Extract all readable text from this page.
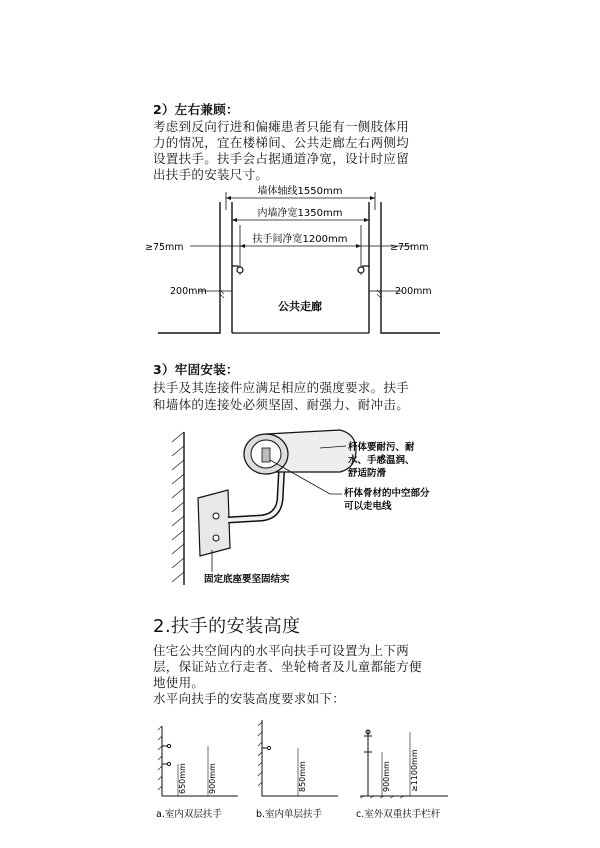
2）左右兼顾：
考虑到反向行进和偏瘫患者只能有一侧肢体用
力的情况，宜在楼梯间、公共走廊左右两侧均
设置扶手。扶手会占据通道净宽，设计时应留
出扶手的安装尺寸。
墙体轴线1550mm
内墙净宽1350mm
扶手间净宽1200mm
≥75mm	≥75mm
200mm	200mm
公共走廊
3）牢固安装：
扶手及其连接件应满足相应的强度要求。扶手
和墙体的连接处必须坚固、耐强力、耐冲击。
杆体要耐污、耐
水、手感温润、
舒适防滑
杆体骨材的中空部分
可以走电线
固定底座要坚固结实
2.扶手的安装高度
住宅公共空间内的水平向扶手可设置为上下两
层，保证站立行走者、坐轮椅者及儿童都能方便
地使用。
水平向扶手的安装高度要求如下：
650mm	900mm
a.室内双层扶手
850mm
b.室内单层扶手
900mm ≥1100mm
c.室外双重扶手栏杆
